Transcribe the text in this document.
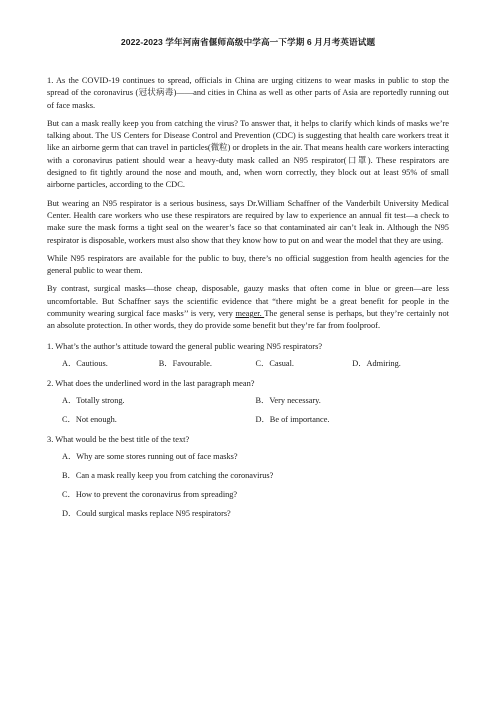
2022-2023 学年河南省偃师高级中学高一下学期 6 月月考英语试题

1. As the COVID-19 continues to spread, officials in China are urging citizens to wear masks in public to stop the spread of the coronavirus (冠状病毒)——and cities in China as well as other parts of Asia are reportedly running out of face masks.

But can a mask really keep you from catching the virus? To answer that, it helps to clarify which kinds of masks we’re talking about. The US Centers for Disease Control and Prevention (CDC) is suggesting that health care workers treat it like an airborne germ that can travel in particles(微粒) or droplets in the air. That means health care workers interacting with a coronavirus patient should wear a heavy-duty mask called an N95 respirator(口罩). These respirators are designed to fit tightly around the nose and mouth, and, when worn correctly, they block out at least 95% of small airborne particles, according to the CDC.

But wearing an N95 respirator is a serious business, says Dr.William Schaffner of the Vanderbilt University Medical Center. Health care workers who use these respirators are required by law to experience an annual fit test—a check to make sure the mask forms a tight seal on the wearer’s face so that contaminated air can’t leak in. Although the N95 respirator is disposable, workers must also show that they know how to put on and wear the model that they are using.

While N95 respirators are available for the public to buy, there’s no official suggestion from health agencies for the general public to wear them.

By contrast, surgical masks—those cheap, disposable, gauzy masks that often come in blue or green—are less uncomfortable. But Schaffner says the scientific evidence that “there might be a great benefit for people in the community wearing surgical face masks’’ is very, very meager. The general sense is perhaps, but they’re certainly not an absolute protection. In other words, they do provide some benefit but they’re far from foolproof.

1. What’s the author’s attitude toward the general public wearing N95 respirators?
A．Cautious.	B．Favourable.	C．Casual.	D．Admiring.
2. What does the underlined word in the last paragraph mean?
A．Totally strong.	B．Very necessary.
C．Not enough.	D．Be of importance.
3. What would be the best title of the text?
A．Why are some stores running out of face masks?
B．Can a mask really keep you from catching the coronavirus?
C．How to prevent the coronavirus from spreading?
D．Could surgical masks replace N95 respirators?
